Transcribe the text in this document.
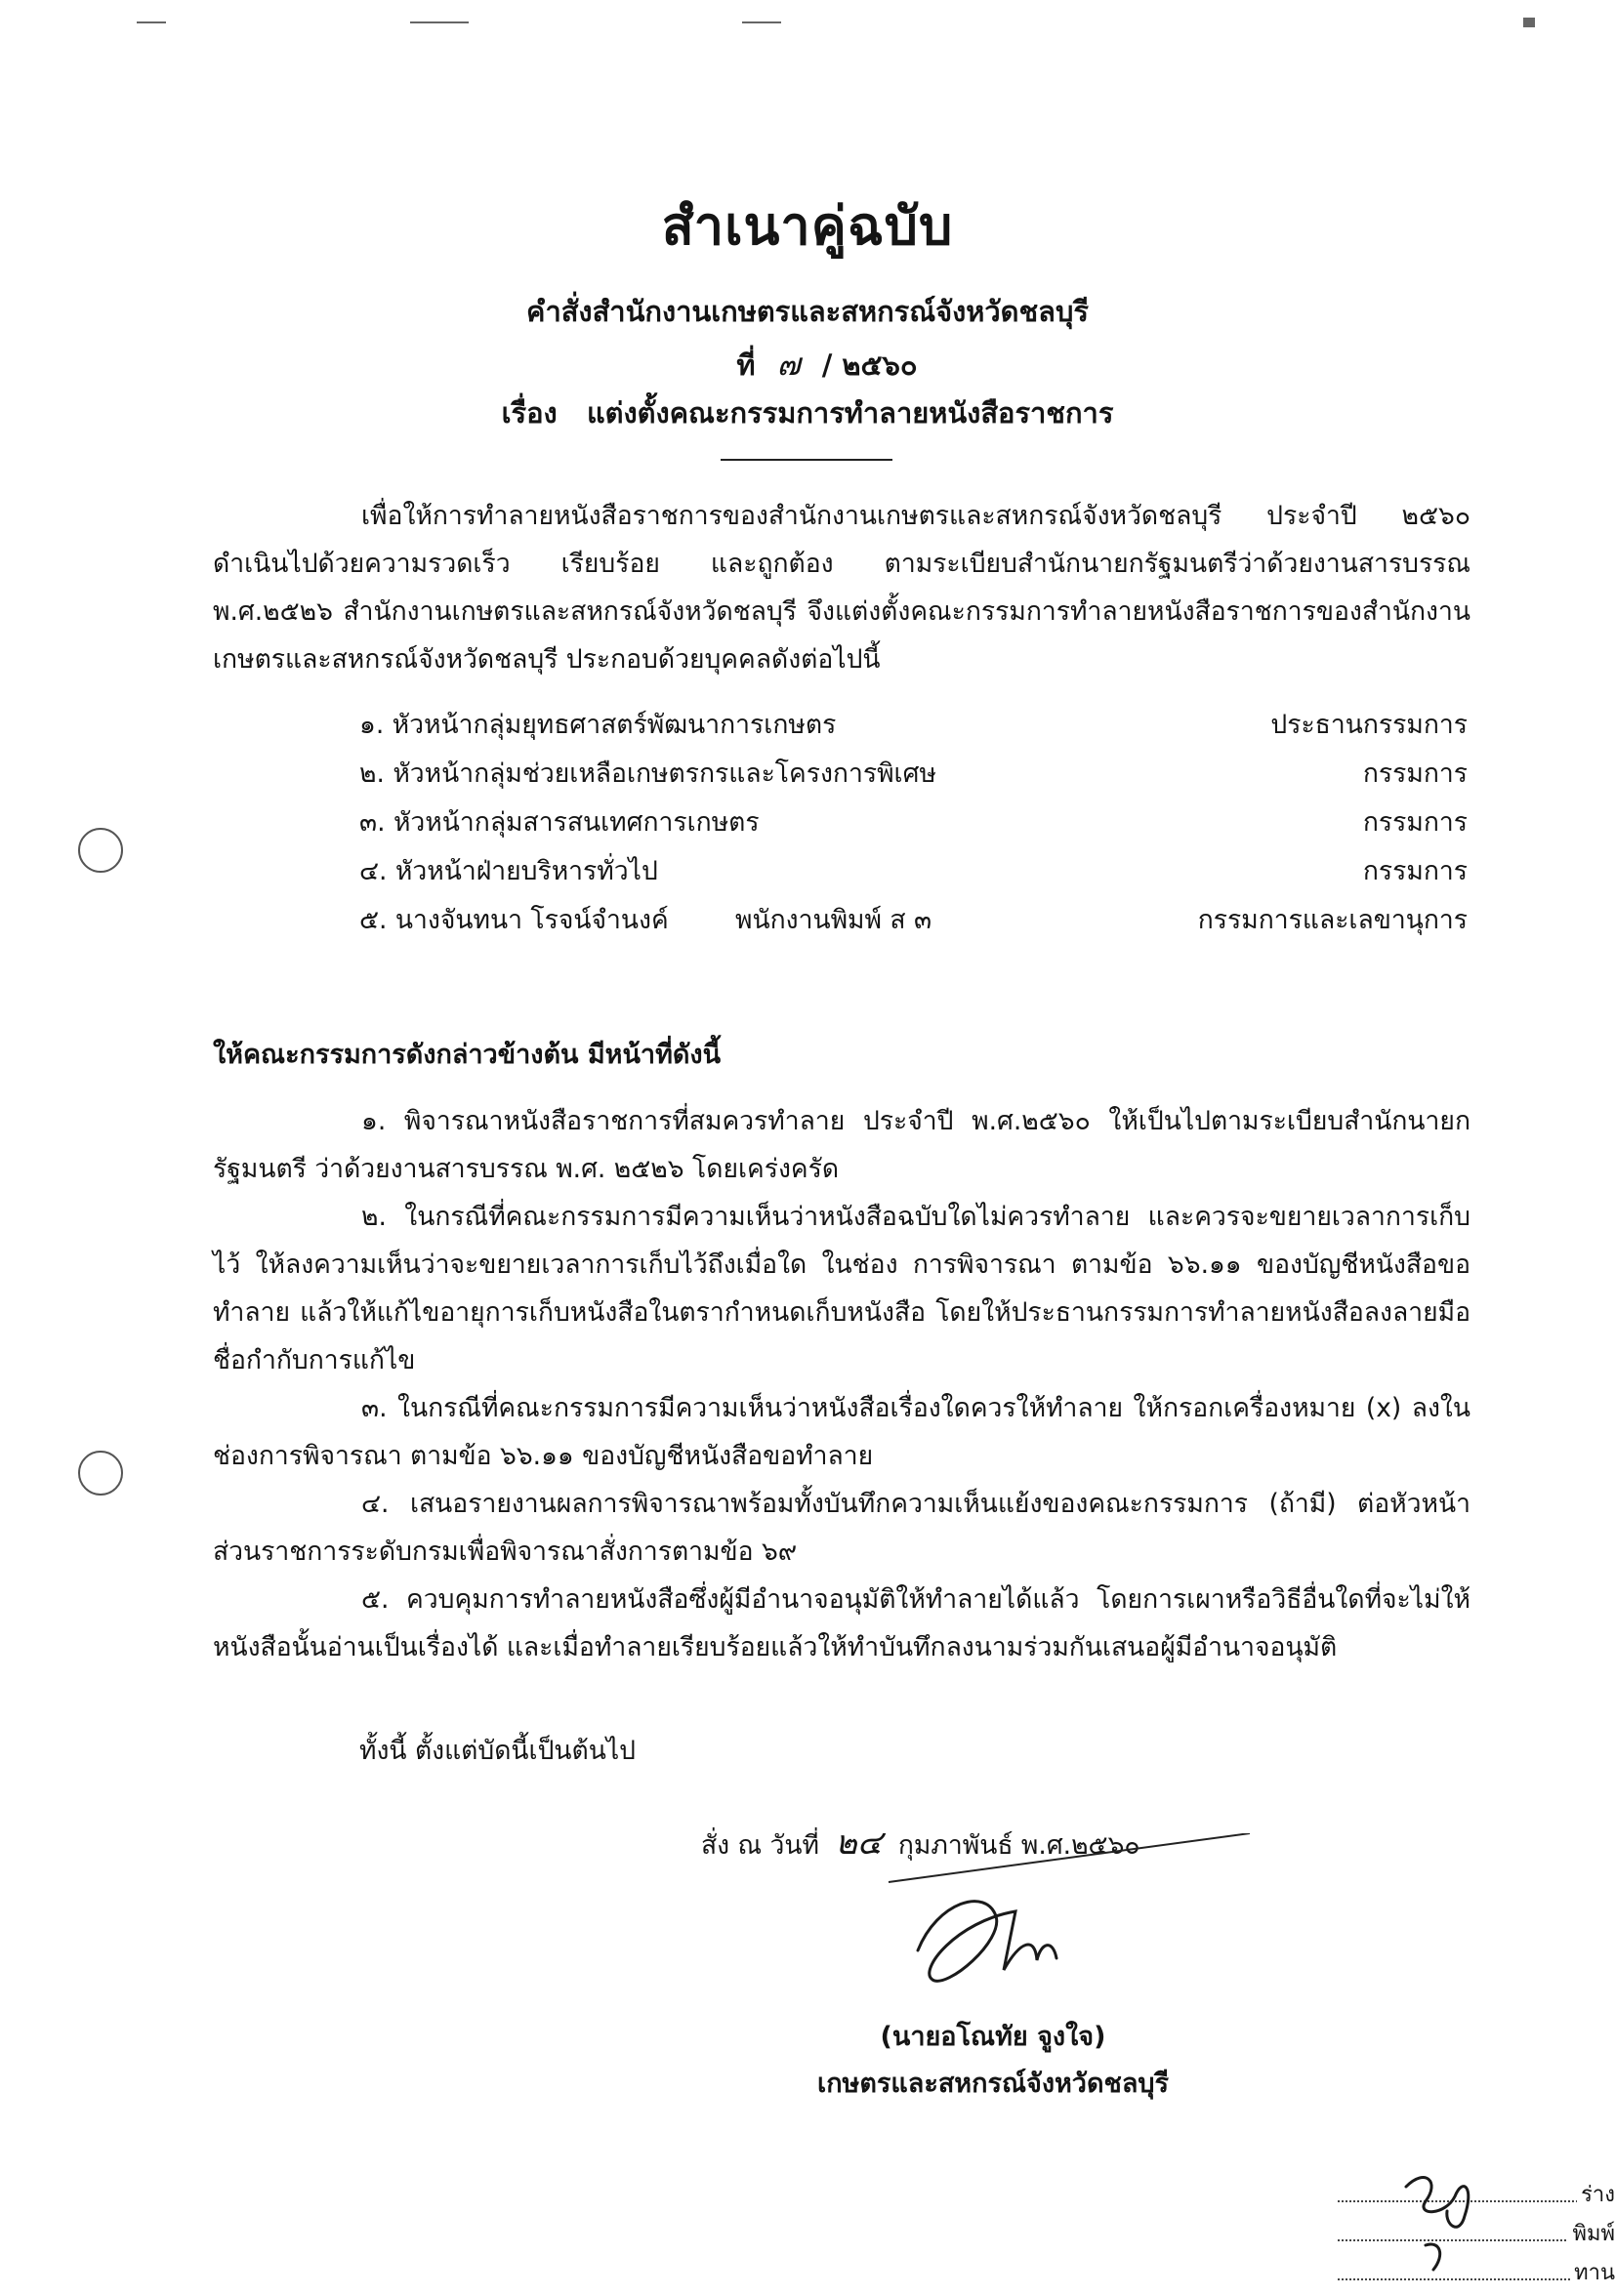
สำเนาคู่ฉบับ
คำสั่งสำนักงานเกษตรและสหกรณ์จังหวัดชลบุรี
ที่ ๗ / ๒๕๖๐
เรื่อง แต่งตั้งคณะกรรมการทำลายหนังสือราชการ
เพื่อให้การทำลายหนังสือราชการของสำนักงานเกษตรและสหกรณ์จังหวัดชลบุรี ประจำปี ๒๕๖๐ ดำเนินไปด้วยความรวดเร็ว เรียบร้อย และถูกต้อง ตามระเบียบสำนักนายกรัฐมนตรีว่าด้วยงานสารบรรณ พ.ศ.๒๕๒๖ สำนักงานเกษตรและสหกรณ์จังหวัดชลบุรี จึงแต่งตั้งคณะกรรมการทำลายหนังสือราชการของสำนักงานเกษตรและสหกรณ์จังหวัดชลบุรี ประกอบด้วยบุคคลดังต่อไปนี้
๑. หัวหน้ากลุ่มยุทธศาสตร์พัฒนาการเกษตร	ประธานกรรมการ
๒. หัวหน้ากลุ่มช่วยเหลือเกษตรกรและโครงการพิเศษ	กรรมการ
๓. หัวหน้ากลุ่มสารสนเทศการเกษตร	กรรมการ
๔. หัวหน้าฝ่ายบริหารทั่วไป	กรรมการ
๕. นางจันทนา โรจน์จำนงค์	พนักงานพิมพ์ ส ๓	กรรมการและเลขานุการ
ให้คณะกรรมการดังกล่าวข้างต้น มีหน้าที่ดังนี้
๑. พิจารณาหนังสือราชการที่สมควรทำลาย ประจำปี พ.ศ.๒๕๖๐ ให้เป็นไปตามระเบียบสำนักนายกรัฐมนตรี ว่าด้วยงานสารบรรณ พ.ศ. ๒๕๒๖ โดยเคร่งครัด
๒. ในกรณีที่คณะกรรมการมีความเห็นว่าหนังสือฉบับใดไม่ควรทำลาย และควรจะขยายเวลาการเก็บไว้ ให้ลงความเห็นว่าจะขยายเวลาการเก็บไว้ถึงเมื่อใด ในช่อง การพิจารณา ตามข้อ ๖๖.๑๑ ของบัญชีหนังสือขอทำลาย แล้วให้แก้ไขอายุการเก็บหนังสือในตรากำหนดเก็บหนังสือ โดยให้ประธานกรรมการทำลายหนังสือลงลายมือชื่อกำกับการแก้ไข
๓. ในกรณีที่คณะกรรมการมีความเห็นว่าหนังสือเรื่องใดควรให้ทำลาย ให้กรอกเครื่องหมาย (x) ลงในช่องการพิจารณา ตามข้อ ๖๖.๑๑ ของบัญชีหนังสือขอทำลาย
๔. เสนอรายงานผลการพิจารณาพร้อมทั้งบันทึกความเห็นแย้งของคณะกรรมการ (ถ้ามี) ต่อหัวหน้าส่วนราชการระดับกรมเพื่อพิจารณาสั่งการตามข้อ ๖๙
๕. ควบคุมการทำลายหนังสือซึ่งผู้มีอำนาจอนุมัติให้ทำลายได้แล้ว โดยการเผาหรือวิธีอื่นใดที่จะไม่ให้หนังสือนั้นอ่านเป็นเรื่องได้ และเมื่อทำลายเรียบร้อยแล้วให้ทำบันทึกลงนามร่วมกันเสนอผู้มีอำนาจอนุมัติ
ทั้งนี้ ตั้งแต่บัดนี้เป็นต้นไป
สั่ง ณ วันที่ ๒๔ กุมภาพันธ์ พ.ศ.๒๕๖๐
(นายอโณทัย จูงใจ)
เกษตรและสหกรณ์จังหวัดชลบุรี
ร่าง
พิมพ์
ทาน
